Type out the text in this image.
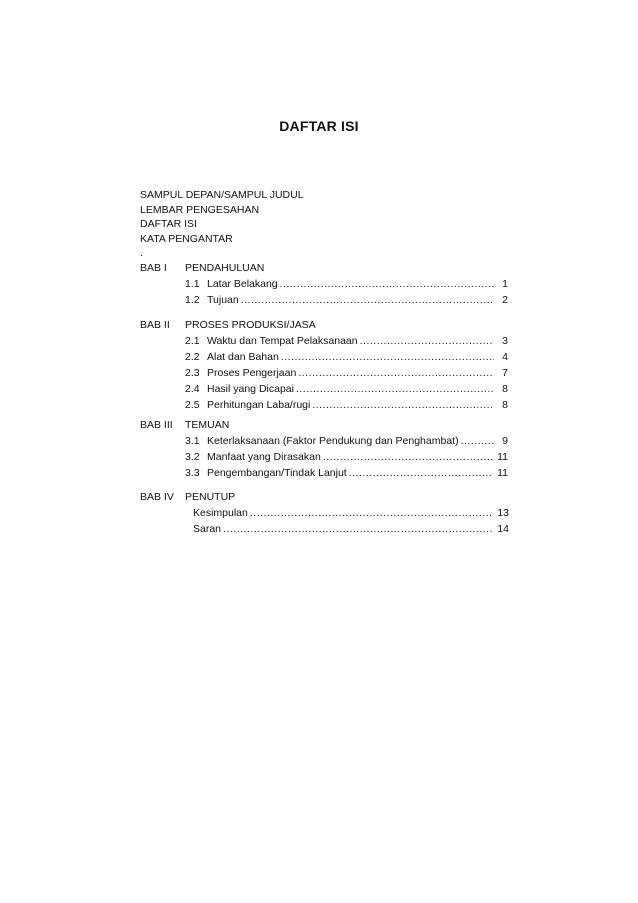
DAFTAR ISI
SAMPUL DEPAN/SAMPUL JUDUL
LEMBAR PENGESAHAN
DAFTAR ISI
KATA PENGANTAR
.
BAB I PENDAHULUAN
1.1 Latar Belakang .....	1
1.2 Tujuan .....	2
BAB II PROSES PRODUKSI/JASA
2.1 Waktu dan Tempat Pelaksanaan .....	3
2.2 Alat dan Bahan .....	4
2.3 Proses Pengerjaan .....	7
2.4 Hasil yang Dicapai .....	8
2.5 Perhitungan Laba/rugi .....	8
BAB III TEMUAN
3.1 Keterlaksanaan (Faktor Pendukung dan Penghambat) .....	9
3.2 Manfaat yang Dirasakan .....	11
3.3 Pengembangan/Tindak Lanjut .....	11
BAB IV PENUTUP
Kesimpulan .....	13
Saran .....	14
